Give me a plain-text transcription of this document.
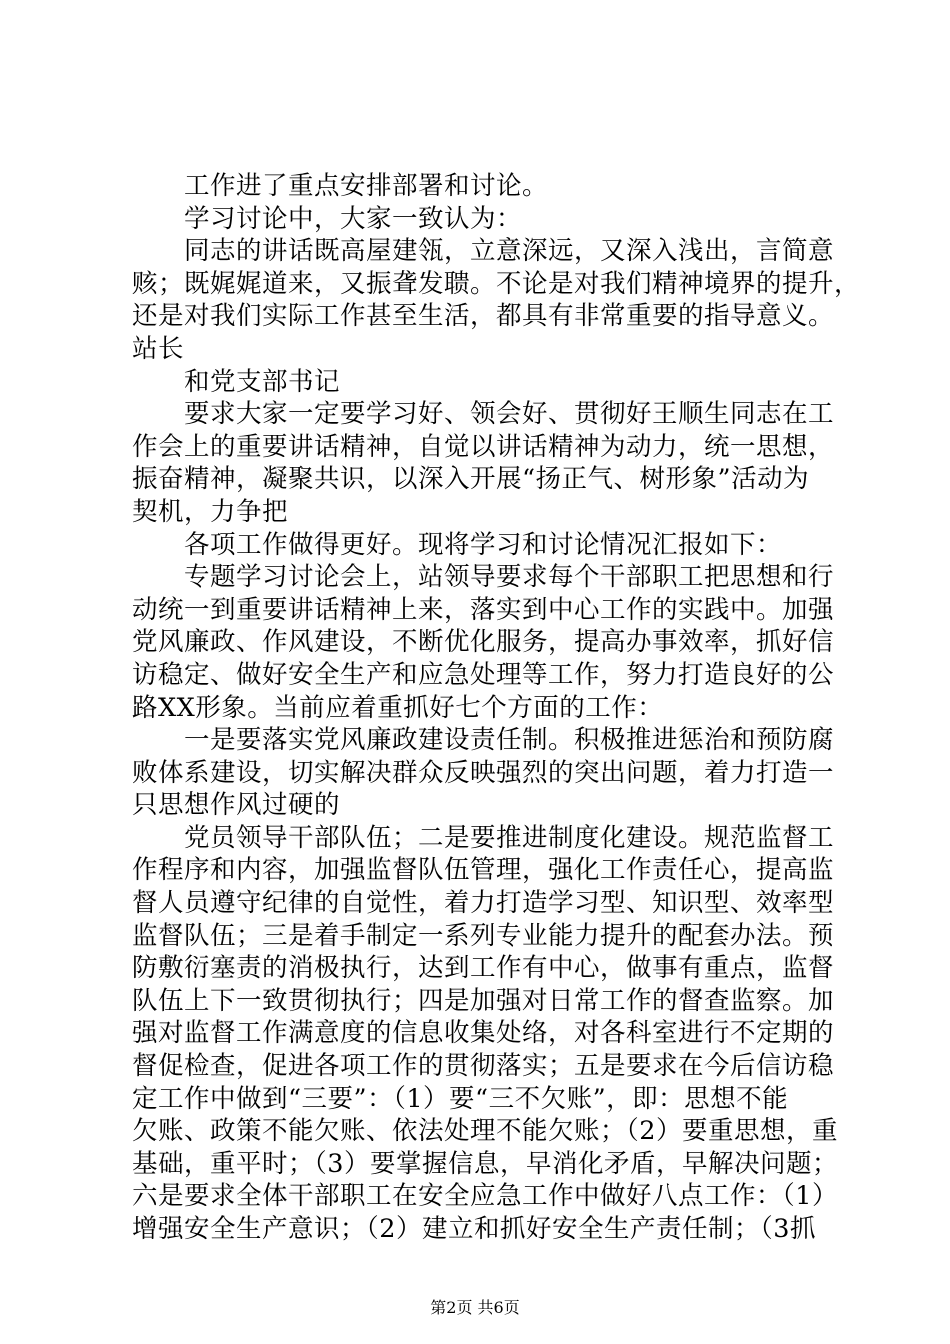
工作进了重点安排部署和讨论。
学习讨论中，大家一致认为：
同志的讲话既高屋建瓴，立意深远，又深入浅出，言简意
赅；既娓娓道来，又振聋发聩。不论是对我们精神境界的提升，
还是对我们实际工作甚至生活，都具有非常重要的指导意义。
站长
和党支部书记
要求大家一定要学习好、领会好、贯彻好王顺生同志在工
作会上的重要讲话精神，自觉以讲话精神为动力，统一思想，
振奋精神，凝聚共识，以深入开展“扬正气、树形象”活动为
契机，力争把
各项工作做得更好。现将学习和讨论情况汇报如下：
专题学习讨论会上，站领导要求每个干部职工把思想和行
动统一到重要讲话精神上来，落实到中心工作的实践中。加强
党风廉政、作风建设，不断优化服务，提高办事效率，抓好信
访稳定、做好安全生产和应急处理等工作，努力打造良好的公
路XX形象。当前应着重抓好七个方面的工作：
一是要落实党风廉政建设责任制。积极推进惩治和预防腐
败体系建设，切实解决群众反映强烈的突出问题，着力打造一
只思想作风过硬的
党员领导干部队伍；二是要推进制度化建设。规范监督工
作程序和内容，加强监督队伍管理，强化工作责任心，提高监
督人员遵守纪律的自觉性，着力打造学习型、知识型、效率型
监督队伍；三是着手制定一系列专业能力提升的配套办法。预
防敷衍塞责的消极执行，达到工作有中心，做事有重点，监督
队伍上下一致贯彻执行；四是加强对日常工作的督查监察。加
强对监督工作满意度的信息收集处络，对各科室进行不定期的
督促检查，促进各项工作的贯彻落实；五是要求在今后信访稳
定工作中做到“三要”：（1）要“三不欠账”，即：思想不能
欠账、政策不能欠账、依法处理不能欠账；（2）要重思想，重
基础，重平时；（3）要掌握信息，早消化矛盾，早解决问题；
六是要求全体干部职工在安全应急工作中做好八点工作：（1）
增强安全生产意识；（2）建立和抓好安全生产责任制；（3抓
第2页 共6页
